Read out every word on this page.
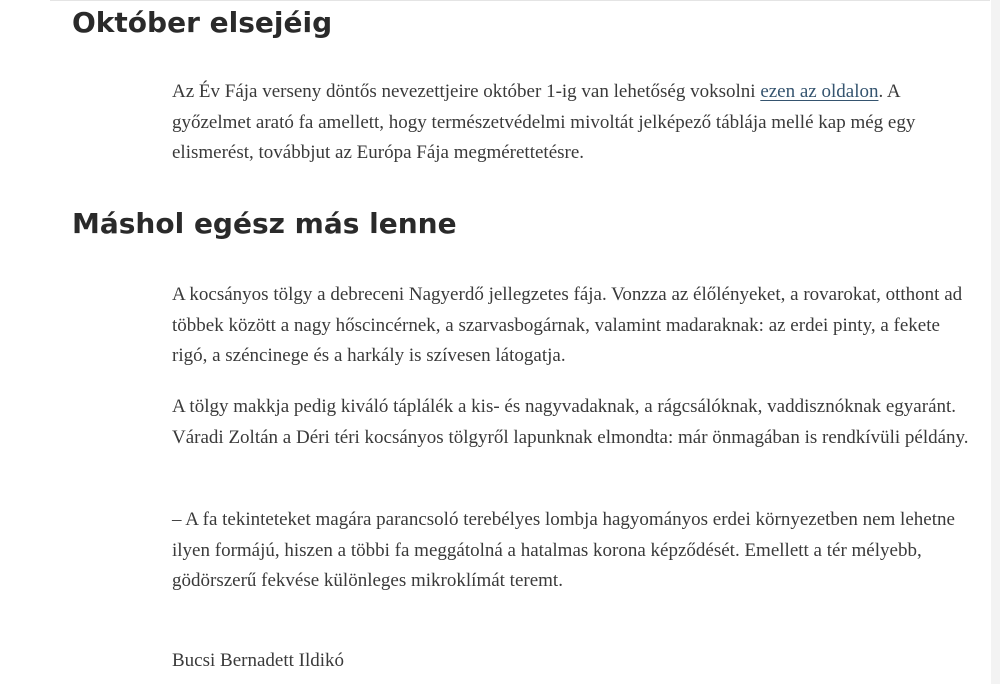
Október elsejéig

Az Év Fája verseny döntős nevezettjeire október 1-ig van lehetőség voksolni ezen az oldalon. A győzelmet arató fa amellett, hogy természetvédelmi mivoltát jelképező táblája mellé kap még egy elismerést, továbbjut az Európa Fája megmérettetésre.

Máshol egész más lenne

A kocsányos tölgy a debreceni Nagyerdő jellegzetes fája. Vonzza az élőlényeket, a rovarokat, otthont ad többek között a nagy hőscincérnek, a szarvasbogárnak, valamint madaraknak: az erdei pinty, a fekete rigó, a széncinege és a harkály is szívesen látogatja.

A tölgy makkja pedig kiváló táplálék a kis- és nagyvadaknak, a rágcsálóknak, vaddisznóknak egyaránt. Váradi Zoltán a Déri téri kocsányos tölgyről lapunknak elmondta: már önmagában is rendkívüli példány.

– A fa tekinteteket magára parancsoló terebélyes lombja hagyományos erdei környezetben nem lehetne ilyen formájú, hiszen a többi fa meggátolná a hatalmas korona képződését. Emellett a tér mélyebb, gödörszerű fekvése különleges mikroklímát teremt.

Bucsi Bernadett Ildikó
